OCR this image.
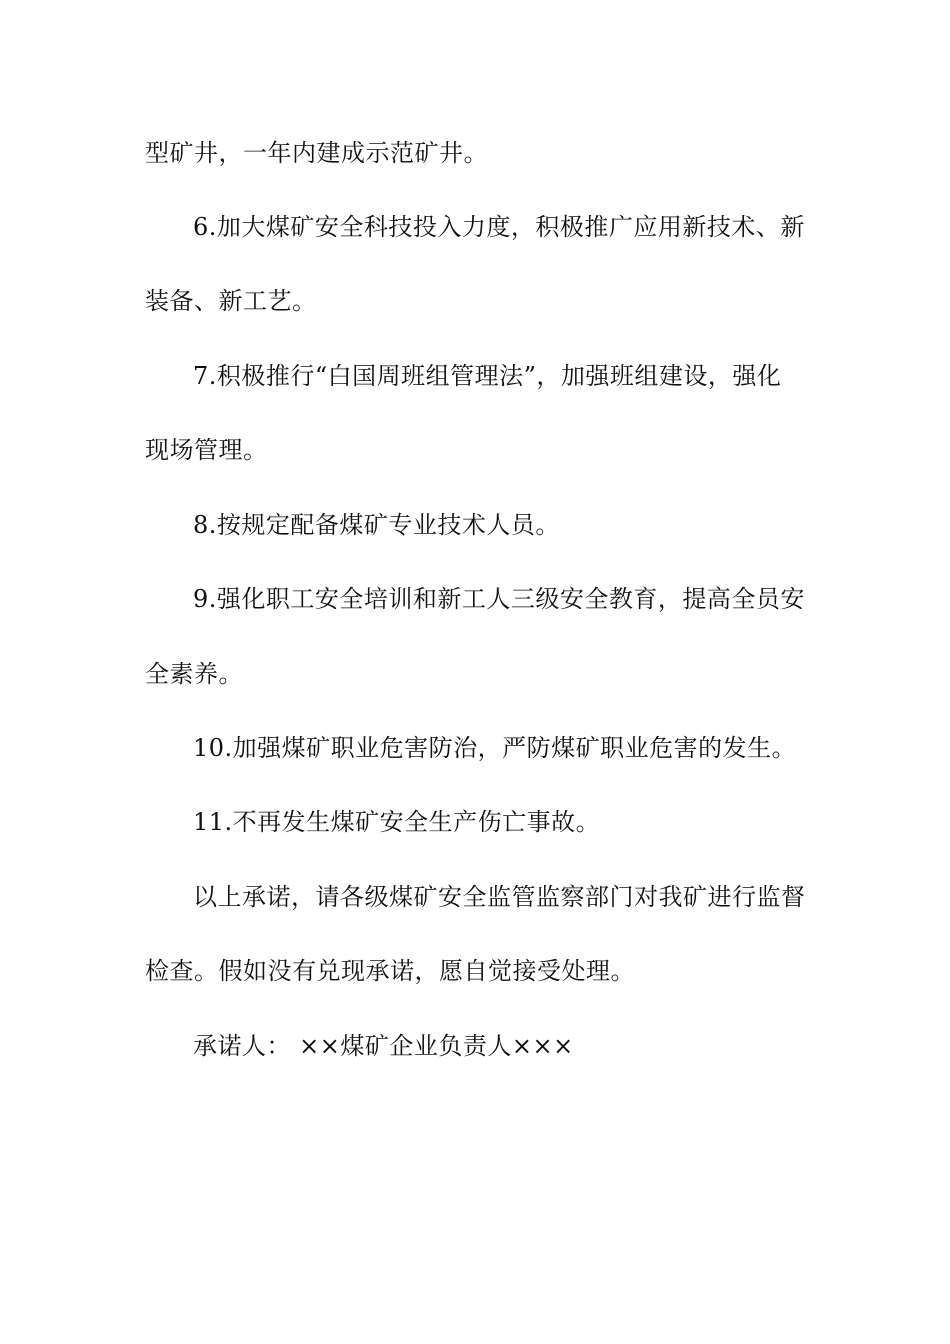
型矿井，一年内建成示范矿井。
6.加大煤矿安全科技投入力度，积极推广应用新技术、新
装备、新工艺。
7.积极推行“白国周班组管理法”，加强班组建设，强化
现场管理。
8.按规定配备煤矿专业技术人员。
9.强化职工安全培训和新工人三级安全教育，提高全员安
全素养。
10.加强煤矿职业危害防治，严防煤矿职业危害的发生。
11.不再发生煤矿安全生产伤亡事故。
以上承诺，请各级煤矿安全监管监察部门对我矿进行监督
检查。假如没有兑现承诺，愿自觉接受处理。
承诺人： ××煤矿企业负责人×××
